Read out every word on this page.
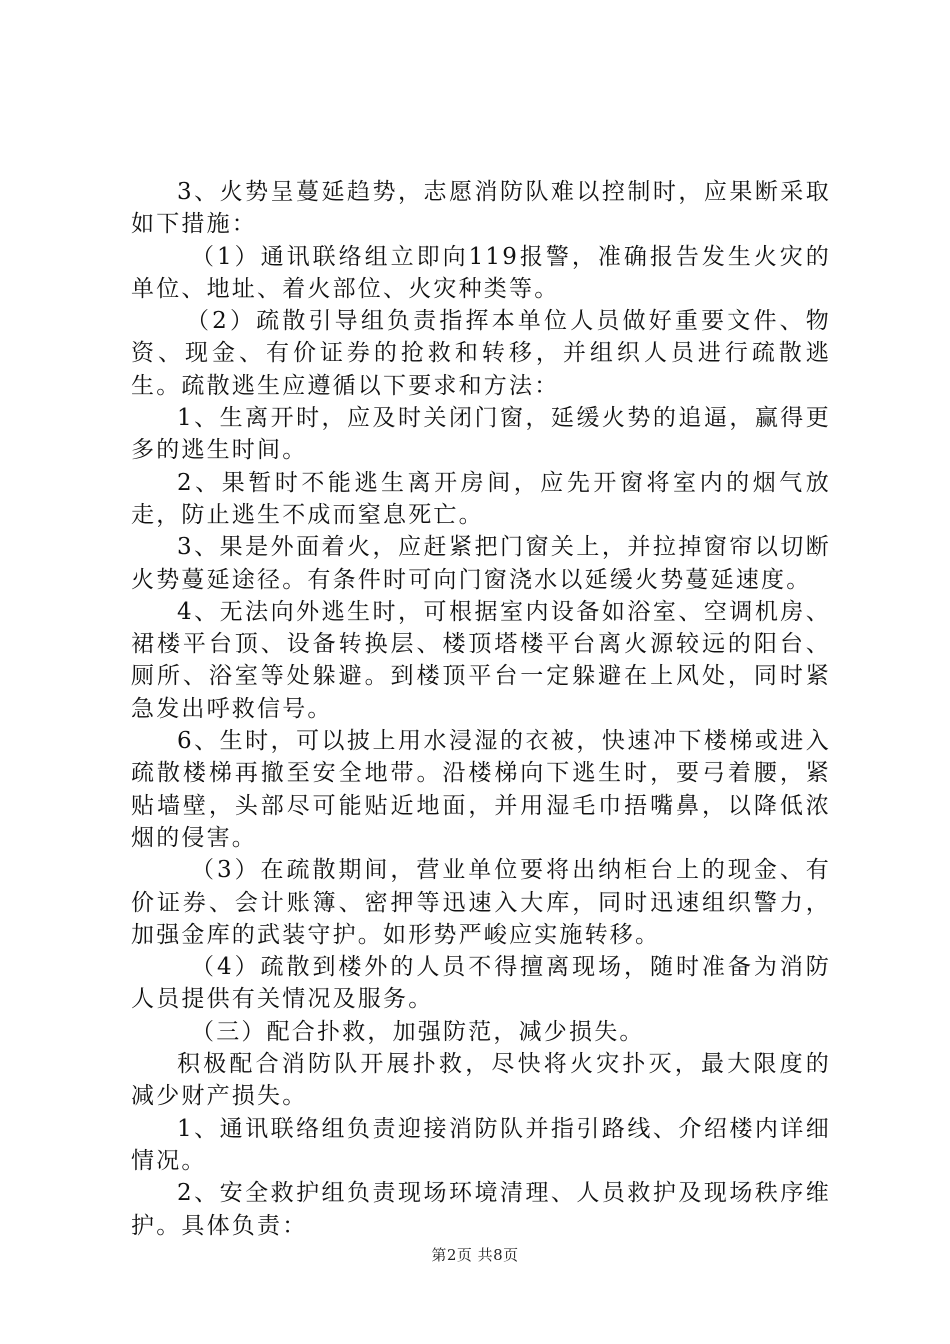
3、火势呈蔓延趋势，志愿消防队难以控制时，应果断采取如下措施：

（1）通讯联络组立即向119报警，准确报告发生火灾的单位、地址、着火部位、火灾种类等。

（2）疏散引导组负责指挥本单位人员做好重要文件、物资、现金、有价证券的抢救和转移，并组织人员进行疏散逃生。疏散逃生应遵循以下要求和方法：

1、生离开时，应及时关闭门窗，延缓火势的追逼，赢得更多的逃生时间。

2、果暂时不能逃生离开房间，应先开窗将室内的烟气放走，防止逃生不成而窒息死亡。

3、果是外面着火，应赶紧把门窗关上，并拉掉窗帘以切断火势蔓延途径。有条件时可向门窗浇水以延缓火势蔓延速度。

4、无法向外逃生时，可根据室内设备如浴室、空调机房、裙楼平台顶、设备转换层、楼顶塔楼平台离火源较远的阳台、厕所、浴室等处躲避。到楼顶平台一定躲避在上风处，同时紧急发出呼救信号。

6、生时，可以披上用水浸湿的衣被，快速冲下楼梯或进入疏散楼梯再撤至安全地带。沿楼梯向下逃生时，要弓着腰，紧贴墙壁，头部尽可能贴近地面，并用湿毛巾捂嘴鼻，以降低浓烟的侵害。

（3）在疏散期间，营业单位要将出纳柜台上的现金、有价证券、会计账簿、密押等迅速入大库，同时迅速组织警力，加强金库的武装守护。如形势严峻应实施转移。

（4）疏散到楼外的人员不得擅离现场，随时准备为消防人员提供有关情况及服务。

（三）配合扑救，加强防范，减少损失。

积极配合消防队开展扑救，尽快将火灾扑灭，最大限度的减少财产损失。

1、通讯联络组负责迎接消防队并指引路线、介绍楼内详细情况。

2、安全救护组负责现场环境清理、人员救护及现场秩序维护。具体负责：

第2页 共8页
